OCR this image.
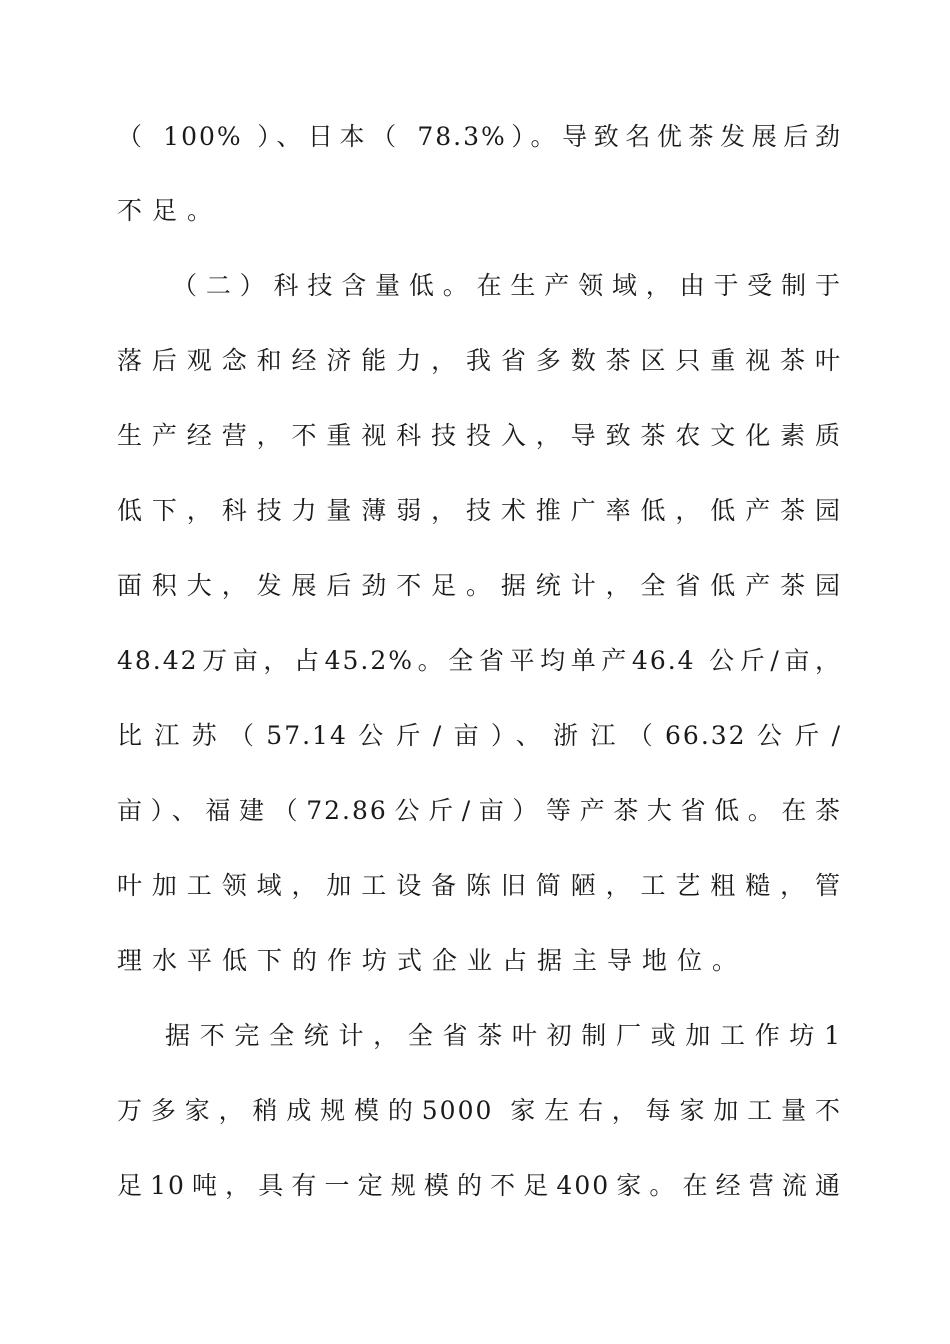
（ 100% ）、日本（ 78.3%）。导致名优茶发展后劲
不足。
（二）科技含量低。在生产领域，由于受制于
落后观念和经济能力，我省多数茶区只重视茶叶
生产经营，不重视科技投入，导致茶农文化素质
低下，科技力量薄弱，技术推广率低，低产茶园
面积大，发展后劲不足。据统计，全省低产茶园
48.42万亩，占45.2%。全省平均单产46.4 公斤/亩，
比江苏（57.14公斤/亩）、浙江（66.32公斤/
亩）、福建（72.86公斤/亩）等产茶大省低。在茶
叶加工领域，加工设备陈旧简陋，工艺粗糙，管
理水平低下的作坊式企业占据主导地位。
据不完全统计，全省茶叶初制厂或加工作坊1
万多家，稍成规模的5000 家左右，每家加工量不
足10吨，具有一定规模的不足400家。在经营流通
